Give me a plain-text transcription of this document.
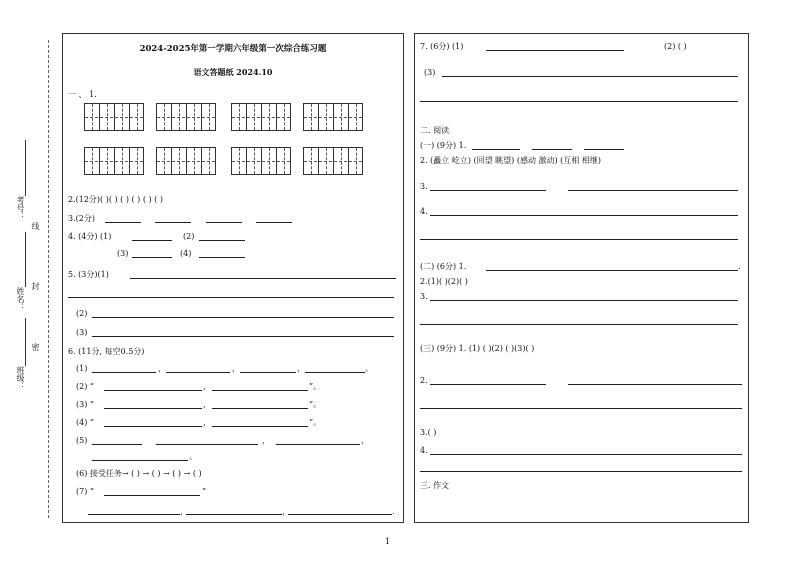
考号：
线
姓名：
封
班级：
密
2024-2025年第一学期六年级第一次综合练习题
语文答题纸 2024.10
一 、 1.
2.(12分)( )( ) ( ) ( ) ( ) ( )
3.(2分)
4. (4分) (1)	(2)
(3)	(4)
5. (3分)(1)
(2)
(3)
6. (11分, 每空0.5分)
(1)	，	，	，	。
(2) “	，	”。
(3) “	，	”。
(4) “	，	”。
(5)	，	，
。
(6) 接受任务→ ( ) → ( ) → ( ) → ( )
(7) “	”
，	，	.
7. (6分) (1)	(2) ( )
(3)
二. 阅读
(一) (9分) 1.
2. (矗立 屹立) (回望 眺望) (感动 激动) (互相 相继)
3.
4.
(二) (6分) 1.	.
2.(1)( )(2)( )
3.
(三) (9分) 1. (1) ( )(2) ( )(3)( )
2.
3.( )
4.
三. 作文
1
